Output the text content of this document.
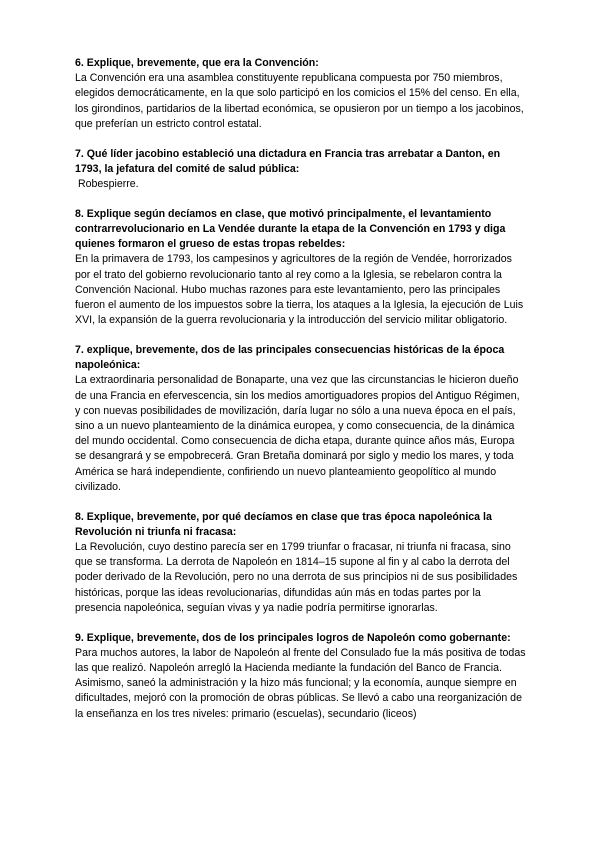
6. Explique, brevemente, que era la Convención:

La Convención era una asamblea constituyente republicana compuesta por 750 miembros, elegidos democráticamente, en la que solo participó en los comicios el 15% del censo. En ella, los girondinos, partidarios de la libertad económica, se opusieron por un tiempo a los jacobinos, que preferían un estricto control estatal.

7. Qué líder jacobino estableció una dictadura en Francia tras arrebatar a Danton, en 1793, la jefatura del comité de salud pública:

Robespierre.

8. Explique según decíamos en clase, que motivó principalmente, el levantamiento contrarrevolucionario en La Vendée durante la etapa de la Convención en 1793 y diga quienes formaron el grueso de estas tropas rebeldes:

En la primavera de 1793, los campesinos y agricultores de la región de Vendée, horrorizados por el trato del gobierno revolucionario tanto al rey como a la Iglesia, se rebelaron contra la Convención Nacional. Hubo muchas razones para este levantamiento, pero las principales fueron el aumento de los impuestos sobre la tierra, los ataques a la Iglesia, la ejecución de Luis XVI, la expansión de la guerra revolucionaria y la introducción del servicio militar obligatorio.

7. explique, brevemente, dos de las principales consecuencias históricas de la época napoleónica:

La extraordinaria personalidad de Bonaparte, una vez que las circunstancias le hicieron dueño de una Francia en efervescencia, sin los medios amortiguadores propios del Antiguo Régimen, y con nuevas posibilidades de movilización, daría lugar no sólo a una nueva época en el país, sino a un nuevo planteamiento de la dinámica europea, y como consecuencia, de la dinámica del mundo occidental. Como consecuencia de dicha etapa, durante quince años más, Europa se desangrará y se empobrecerá. Gran Bretaña dominará por siglo y medio los mares, y toda América se hará independiente, confiriendo un nuevo planteamiento geopolítico al mundo civilizado.

8. Explique, brevemente, por qué decíamos en clase que tras época napoleónica la Revolución ni triunfa ni fracasa:

La Revolución, cuyo destino parecía ser en 1799 triunfar o fracasar, ni triunfa ni fracasa, sino que se transforma. La derrota de Napoleón en 1814–15 supone al fin y al cabo la derrota del poder derivado de la Revolución, pero no una derrota de sus principios ni de sus posibilidades históricas, porque las ideas revolucionarias, difundidas aún más en todas partes por la presencia napoleónica, seguían vivas y ya nadie podría permitirse ignorarlas.

9. Explique, brevemente, dos de los principales logros de Napoleón como gobernante:

Para muchos autores, la labor de Napoleón al frente del Consulado fue la más positiva de todas las que realizó. Napoleón arregló la Hacienda mediante la fundación del Banco de Francia. Asimismo, saneó la administración y la hizo más funcional; y la economía, aunque siempre en dificultades, mejoró con la promoción de obras públicas. Se llevó a cabo una reorganización de la enseñanza en los tres niveles: primario (escuelas), secundario (liceos)
